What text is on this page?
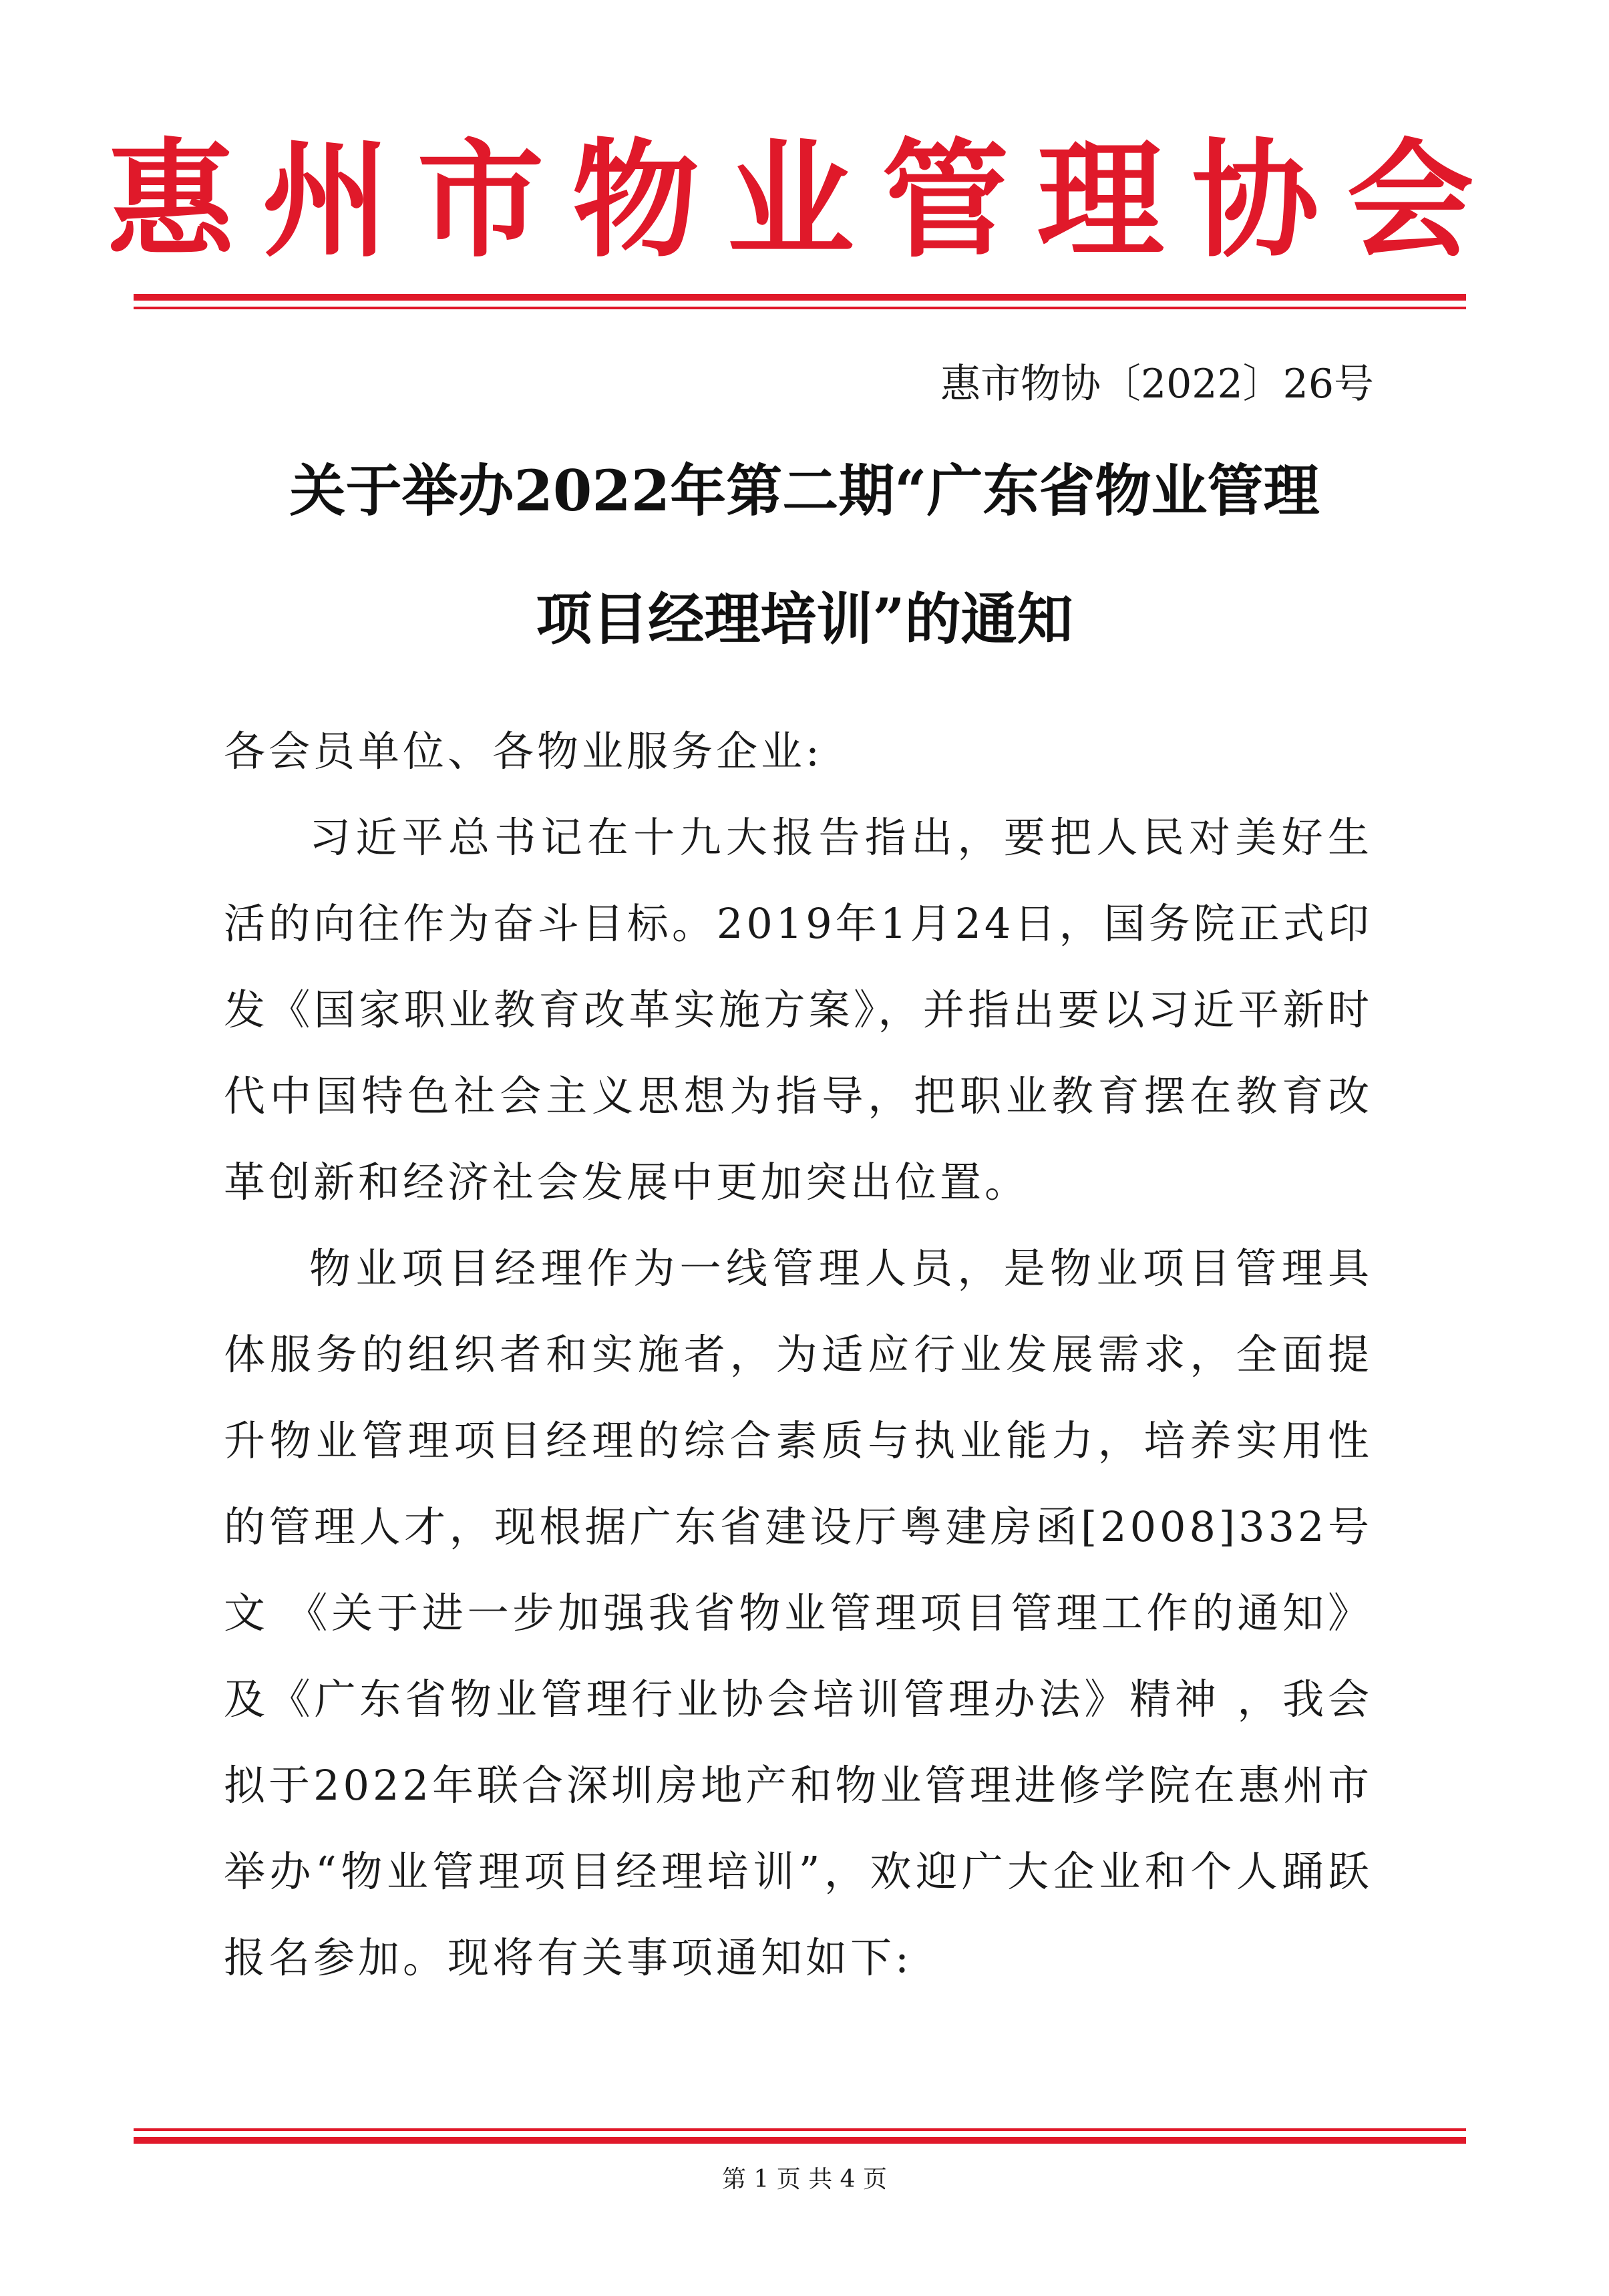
惠州市物业管理协会
惠市物协〔2022〕26号
关于举办2022年第二期“广东省物业管理
项目经理培训”的通知

各会员单位、各物业服务企业:

习近平总书记在十九大报告指出，要把人民对美好生活的向往作为奋斗目标。2019年1月24日，国务院正式印发《国家职业教育改革实施方案》，并指出要以习近平新时代中国特色社会主义思想为指导，把职业教育摆在教育改革创新和经济社会发展中更加突出位置。

物业项目经理作为一线管理人员，是物业项目管理具体服务的组织者和实施者，为适应行业发展需求，全面提升物业管理项目经理的综合素质与执业能力，培养实用性的管理人才，现根据广东省建设厅粤建房函[2008]332号文 《关于进一步加强我省物业管理项目管理工作的通知》及《广东省物业管理行业协会培训管理办法》精神 ，我会拟于2022年联合深圳房地产和物业管理进修学院在惠州市举办“物业管理项目经理培训”，欢迎广大企业和个人踊跃报名参加。现将有关事项通知如下:

第 1 页 共 4 页
